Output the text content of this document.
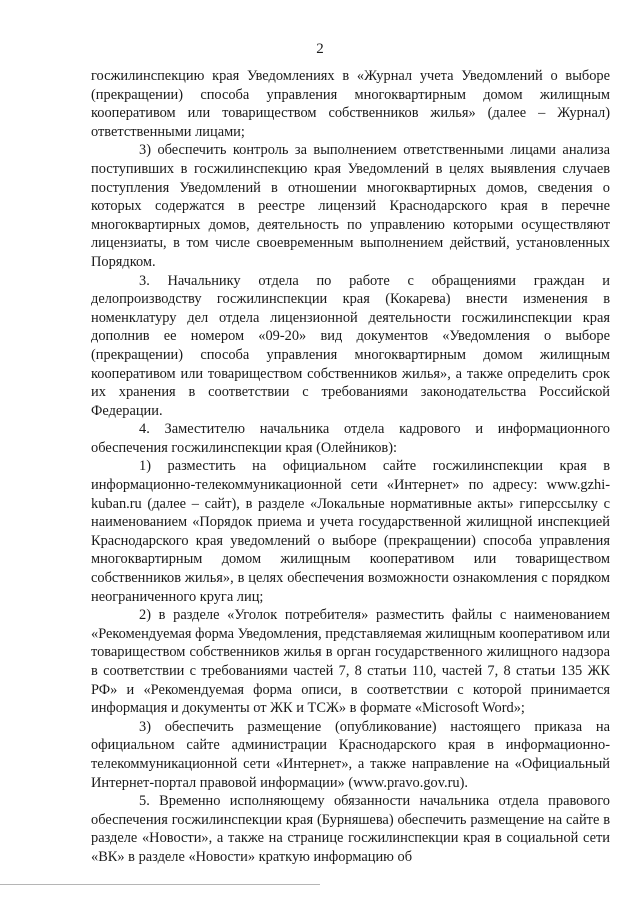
2

госжилинспекцию края Уведомлениях в «Журнал учета Уведомлений о выборе (прекращении) способа управления многоквартирным домом жилищным кооперативом или товариществом собственников жилья» (далее – Журнал) ответственными лицами;

3) обеспечить контроль за выполнением ответственными лицами анализа поступивших в госжилинспекцию края Уведомлений в целях выявления случаев поступления Уведомлений в отношении многоквартирных домов, сведения о которых содержатся в реестре лицензий Краснодарского края в перечне многоквартирных домов, деятельность по управлению которыми осуществляют лицензиаты, в том числе своевременным выполнением действий, установленных Порядком.

3. Начальнику отдела по работе с обращениями граждан и делопроизводству госжилинспекции края (Кокарева) внести изменения в номенклатуру дел отдела лицензионной деятельности госжилинспекции края дополнив ее номером «09-20» вид документов «Уведомления о выборе (прекращении) способа управления многоквартирным домом жилищным кооперативом или товариществом собственников жилья», а также определить срок их хранения в соответствии с требованиями законодательства Российской Федерации.

4. Заместителю начальника отдела кадрового и информационного обеспечения госжилинспекции края (Олейников):

1) разместить на официальном сайте госжилинспекции края в информационно-телекоммуникационной сети «Интернет» по адресу: www.gzhi-kuban.ru (далее – сайт), в разделе «Локальные нормативные акты» гиперссылку с наименованием «Порядок приема и учета государственной жилищной инспекцией Краснодарского края уведомлений о выборе (прекращении) способа управления многоквартирным домом жилищным кооперативом или товариществом собственников жилья», в целях обеспечения возможности ознакомления с порядком неограниченного круга лиц;

2) в разделе «Уголок потребителя» разместить файлы с наименованием «Рекомендуемая форма Уведомления, представляемая жилищным кооперативом или товариществом собственников жилья в орган государственного жилищного надзора в соответствии с требованиями частей 7, 8 статьи 110, частей 7, 8 статьи 135 ЖК РФ» и «Рекомендуемая форма описи, в соответствии с которой принимается информация и документы от ЖК и ТСЖ» в формате «Microsoft Word»;

3) обеспечить размещение (опубликование) настоящего приказа на официальном сайте администрации Краснодарского края в информационно-телекоммуникационной сети «Интернет», а также направление на «Официальный Интернет-портал правовой информации» (www.pravo.gov.ru).

5. Временно исполняющему обязанности начальника отдела правового обеспечения госжилинспекции края (Бурняшева) обеспечить размещение на сайте в разделе «Новости», а также на странице госжилинспекции края в социальной сети «ВК» в разделе «Новости» краткую информацию об
